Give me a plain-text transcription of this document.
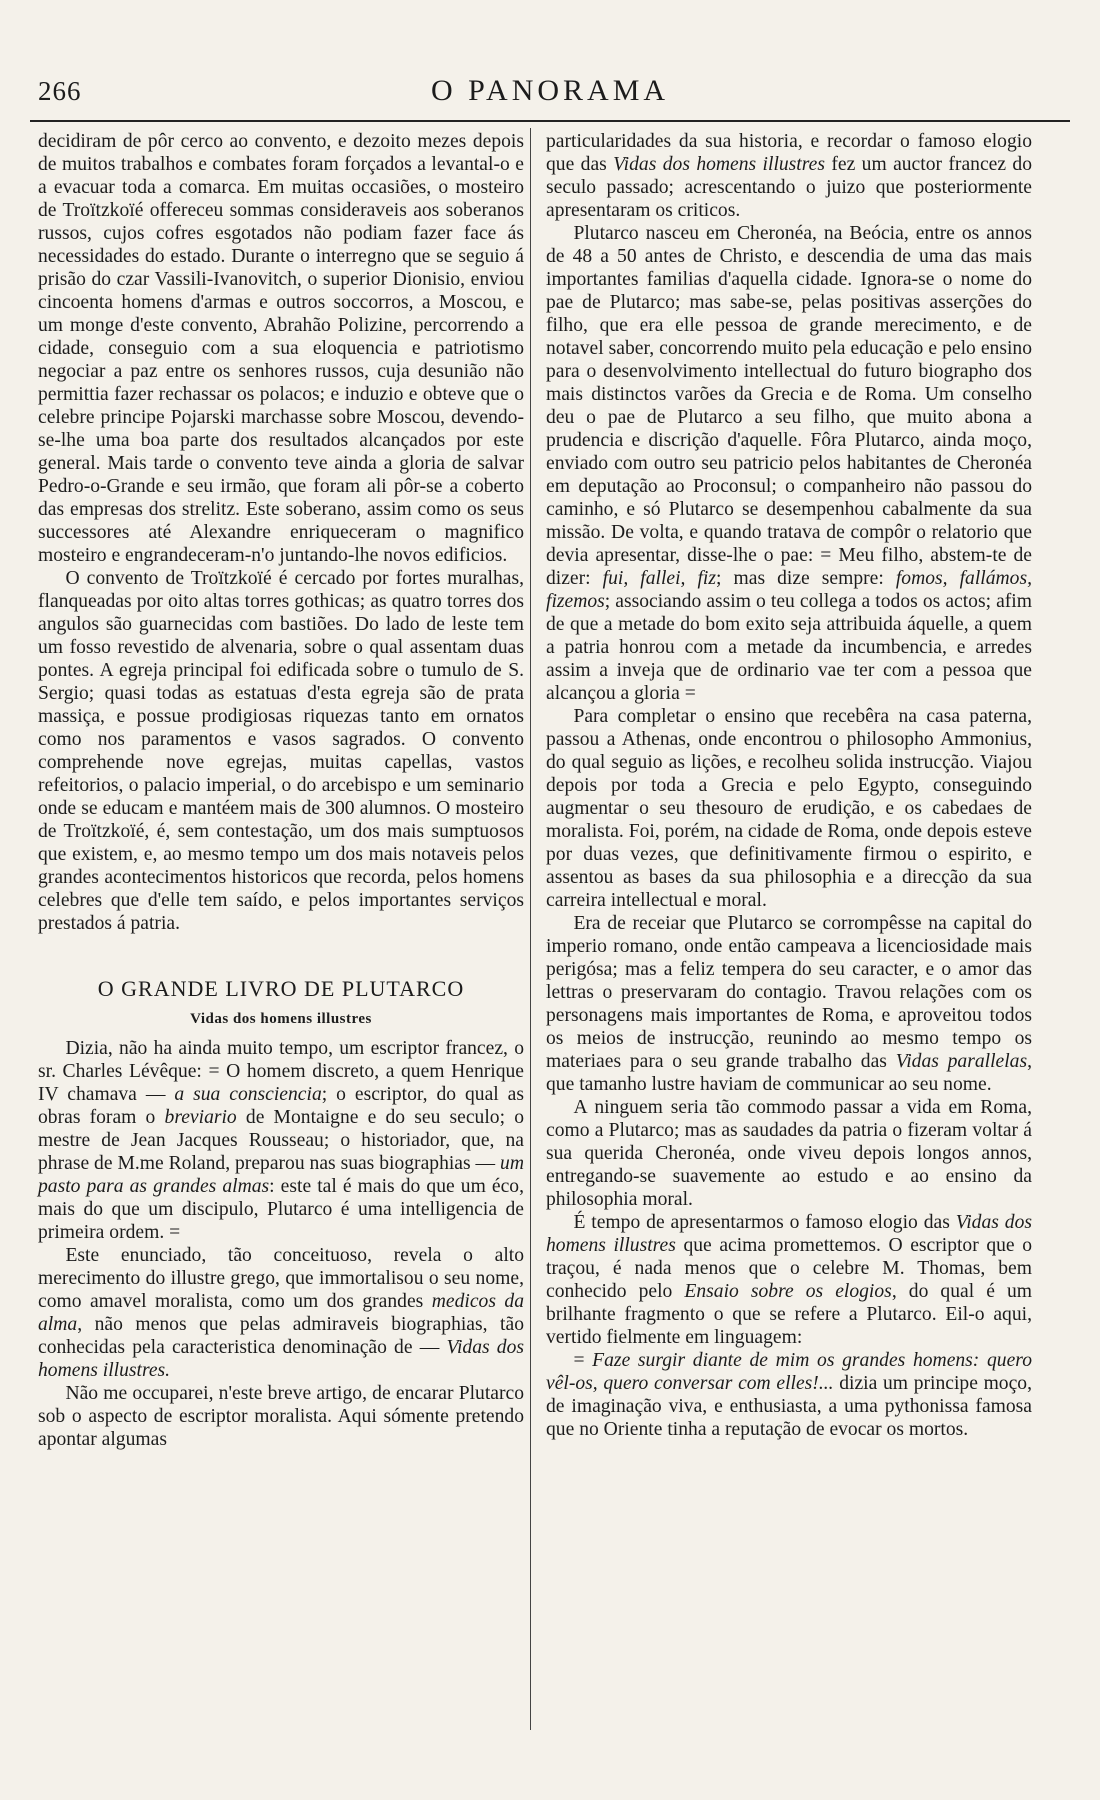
266	O PANORAMA

decidiram de pôr cerco ao convento, e dezoito mezes depois de muitos trabalhos e combates foram forçados a levantal-o e a evacuar toda a comarca. Em muitas occasiões, o mosteiro de Troïtzkoïé offereceu sommas consideraveis aos soberanos russos, cujos cofres esgotados não podiam fazer face ás necessidades do estado. Durante o interregno que se seguio á prisão do czar Vassili-Ivanovitch, o superior Dionisio, enviou cincoenta homens d'armas e outros soccorros, a Moscou, e um monge d'este convento, Abrahão Polizine, percorrendo a cidade, conseguio com a sua eloquencia e patriotismo negociar a paz entre os senhores russos, cuja desunião não permittia fazer rechassar os polacos; e induzio e obteve que o celebre principe Pojarski marchasse sobre Moscou, devendo-se-lhe uma boa parte dos resultados alcançados por este general. Mais tarde o convento teve ainda a gloria de salvar Pedro-o-Grande e seu irmão, que foram ali pôr-se a coberto das empresas dos strelitz. Este soberano, assim como os seus successores até Alexandre enriqueceram o magnifico mosteiro e engrandeceram-n'o juntando-lhe novos edificios.

O convento de Troïtzkoïé é cercado por fortes muralhas, flanqueadas por oito altas torres gothicas; as quatro torres dos angulos são guarnecidas com bastiões. Do lado de leste tem um fosso revestido de alvenaria, sobre o qual assentam duas pontes. A egreja principal foi edificada sobre o tumulo de S. Sergio; quasi todas as estatuas d'esta egreja são de prata massiça, e possue prodigiosas riquezas tanto em ornatos como nos paramentos e vasos sagrados. O convento comprehende nove egrejas, muitas capellas, vastos refeitorios, o palacio imperial, o do arcebispo e um seminario onde se educam e mantéem mais de 300 alumnos. O mosteiro de Troïtzkoïé, é, sem contestação, um dos mais sumptuosos que existem, e, ao mesmo tempo um dos mais notaveis pelos grandes acontecimentos historicos que recorda, pelos homens celebres que d'elle tem saído, e pelos importantes serviços prestados á patria.

O GRANDE LIVRO DE PLUTARCO
Vidas dos homens illustres

Dizia, não ha ainda muito tempo, um escriptor francez, o sr. Charles Lévêque: = O homem discreto, a quem Henrique IV chamava — a sua consciencia; o escriptor, do qual as obras foram o breviario de Montaigne e do seu seculo; o mestre de Jean Jacques Rousseau; o historiador, que, na phrase de M.me Roland, preparou nas suas biographias — um pasto para as grandes almas: este tal é mais do que um éco, mais do que um discipulo, Plutarco é uma intelligencia de primeira ordem. =

Este enunciado, tão conceituoso, revela o alto merecimento do illustre grego, que immortalisou o seu nome, como amavel moralista, como um dos grandes medicos da alma, não menos que pelas admiraveis biographias, tão conhecidas pela caracteristica denominação de — Vidas dos homens illustres.

Não me occuparei, n'este breve artigo, de encarar Plutarco sob o aspecto de escriptor moralista. Aqui sómente pretendo apontar algumas

particularidades da sua historia, e recordar o famoso elogio que das Vidas dos homens illustres fez um auctor francez do seculo passado; acrescentando o juizo que posteriormente apresentaram os criticos.

Plutarco nasceu em Cheronéa, na Beócia, entre os annos de 48 a 50 antes de Christo, e descendia de uma das mais importantes familias d'aquella cidade. Ignora-se o nome do pae de Plutarco; mas sabe-se, pelas positivas asserções do filho, que era elle pessoa de grande merecimento, e de notavel saber, concorrendo muito pela educação e pelo ensino para o desenvolvimento intellectual do futuro biographo dos mais distinctos varões da Grecia e de Roma. Um conselho deu o pae de Plutarco a seu filho, que muito abona a prudencia e discrição d'aquelle. Fôra Plutarco, ainda moço, enviado com outro seu patricio pelos habitantes de Cheronéa em deputação ao Proconsul; o companheiro não passou do caminho, e só Plutarco se desempenhou cabalmente da sua missão. De volta, e quando tratava de compôr o relatorio que devia apresentar, disse-lhe o pae: = Meu filho, abstem-te de dizer: fui, fallei, fiz; mas dize sempre: fomos, fallámos, fizemos; associando assim o teu collega a todos os actos; afim de que a metade do bom exito seja attribuida áquelle, a quem a patria honrou com a metade da incumbencia, e arredes assim a inveja que de ordinario vae ter com a pessoa que alcançou a gloria =

Para completar o ensino que recebêra na casa paterna, passou a Athenas, onde encontrou o philosopho Ammonius, do qual seguio as lições, e recolheu solida instrucção. Viajou depois por toda a Grecia e pelo Egypto, conseguindo augmentar o seu thesouro de erudição, e os cabedaes de moralista. Foi, porém, na cidade de Roma, onde depois esteve por duas vezes, que definitivamente firmou o espirito, e assentou as bases da sua philosophia e a direcção da sua carreira intellectual e moral.

Era de receiar que Plutarco se corrompêsse na capital do imperio romano, onde então campeava a licenciosidade mais perigósa; mas a feliz tempera do seu caracter, e o amor das lettras o preservaram do contagio. Travou relações com os personagens mais importantes de Roma, e aproveitou todos os meios de instrucção, reunindo ao mesmo tempo os materiaes para o seu grande trabalho das Vidas parallelas, que tamanho lustre haviam de communicar ao seu nome.

A ninguem seria tão commodo passar a vida em Roma, como a Plutarco; mas as saudades da patria o fizeram voltar á sua querida Cheronéa, onde viveu depois longos annos, entregando-se suavemente ao estudo e ao ensino da philosophia moral.

É tempo de apresentarmos o famoso elogio das Vidas dos homens illustres que acima promettemos. O escriptor que o traçou, é nada menos que o celebre M. Thomas, bem conhecido pelo Ensaio sobre os elogios, do qual é um brilhante fragmento o que se refere a Plutarco. Eil-o aqui, vertido fielmente em linguagem:

= Faze surgir diante de mim os grandes homens: quero vêl-os, quero conversar com elles!... dizia um principe moço, de imaginação viva, e enthusiasta, a uma pythonissa famosa que no Oriente tinha a reputação de evocar os mortos.
